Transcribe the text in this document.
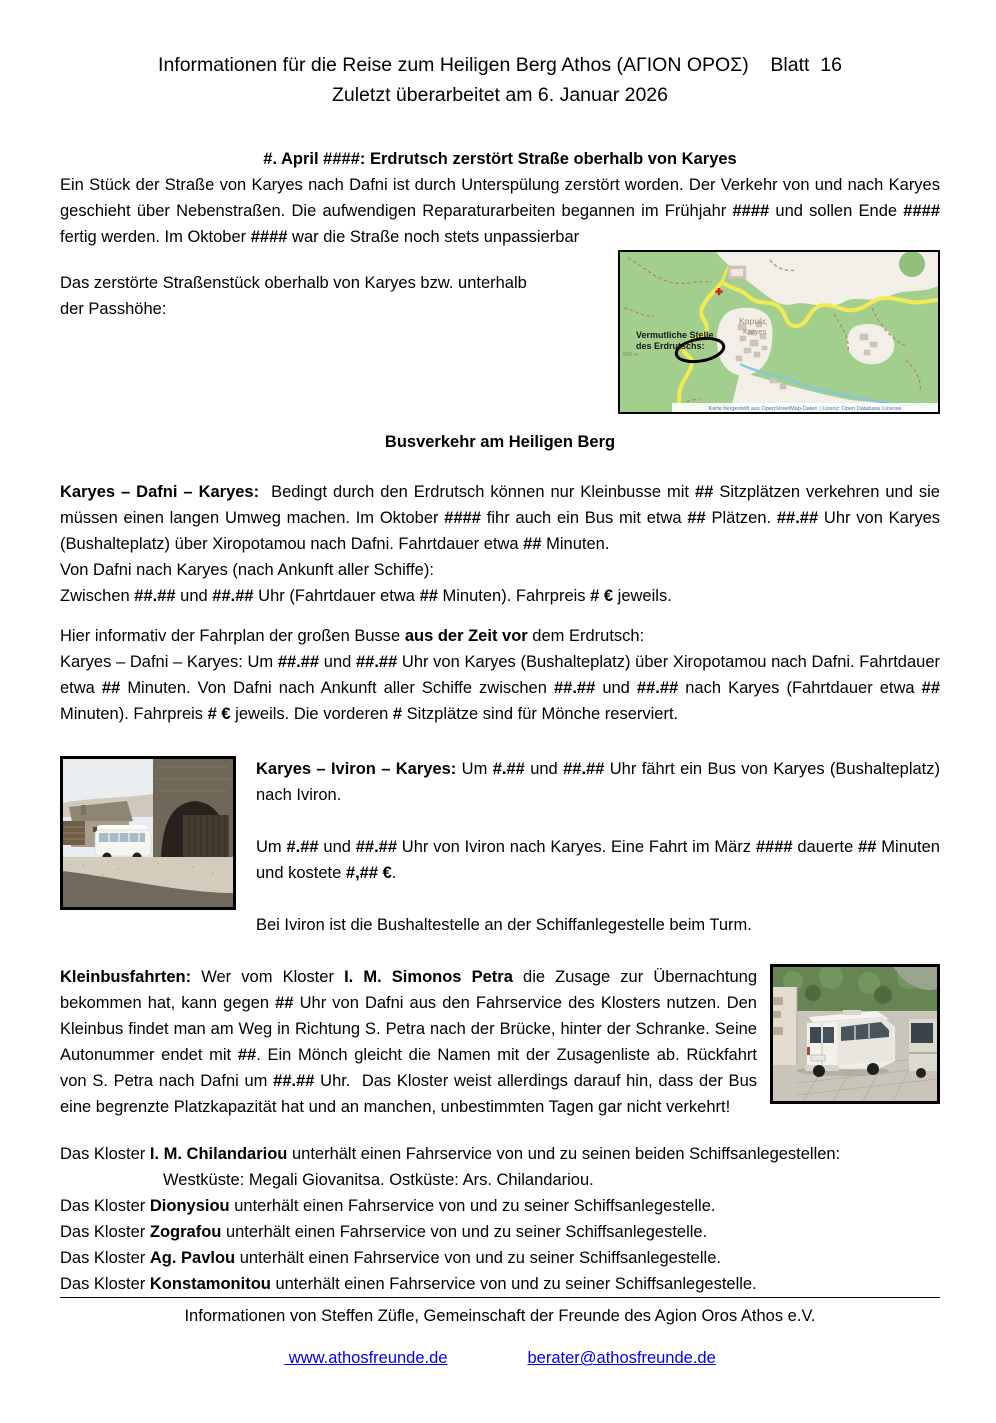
Informationen für die Reise zum Heiligen Berg Athos (ΑΓΙΟΝ ΟΡΟΣ)    Blatt  16
Zuletzt überarbeitet am 6. Januar 2026
#. April ####: Erdrutsch zerstört Straße oberhalb von Karyes
Ein Stück der Straße von Karyes nach Dafni ist durch Unterspülung zerstört worden. Der Verkehr von und nach Karyes geschieht über Nebenstraßen. Die aufwendigen Reparaturarbeiten begannen im Frühjahr #### und sollen Ende #### fertig werden. Im Oktober #### war die Straße noch stets unpassierbar
Das zerstörte Straßenstück oberhalb von Karyes bzw. unterhalb der Passhöhe:
Vermutliche Stelle
des Erdrutschs:
Καρυές
Karyes
668 m
Karte hergestellt aus OpenStreetMap-Daten | Lizenz: Open Database License
Busverkehr am Heiligen Berg
Karyes – Dafni – Karyes:  Bedingt durch den Erdrutsch können nur Kleinbusse mit ## Sitzplätzen verkehren und sie müssen einen langen Umweg machen. Im Oktober #### fihr auch ein Bus mit etwa ## Plätzen. ##.## Uhr von Karyes (Bushalteplatz) über Xiropotamou nach Dafni. Fahrtdauer etwa ## Minuten.
Von Dafni nach Karyes (nach Ankunft aller Schiffe):
Zwischen ##.## und ##.## Uhr (Fahrtdauer etwa ## Minuten). Fahrpreis # € jeweils.
Hier informativ der Fahrplan der großen Busse aus der Zeit vor dem Erdrutsch:
Karyes – Dafni – Karyes: Um ##.## und ##.## Uhr von Karyes (Bushalteplatz) über Xiropotamou nach Dafni. Fahrtdauer etwa ## Minuten. Von Dafni nach Ankunft aller Schiffe zwischen ##.## und ##.## nach Karyes (Fahrtdauer etwa ## Minuten). Fahrpreis # € jeweils. Die vorderen # Sitzplätze sind für Mönche reserviert.
Karyes – Iviron – Karyes: Um #.## und ##.## Uhr fährt ein Bus von Karyes (Bushalteplatz) nach Iviron.
Um #.## und ##.## Uhr von Iviron nach Karyes. Eine Fahrt im März #### dauerte ## Minuten und kostete #,## €.
Bei Iviron ist die Bushaltestelle an der Schiffanlegestelle beim Turm.
Kleinbusfahrten: Wer vom Kloster I. M. Simonos Petra die Zusage zur Übernachtung bekommen hat, kann gegen ## Uhr von Dafni aus den Fahrservice des Klosters nutzen. Den Kleinbus findet man am Weg in Richtung S. Petra nach der Brücke, hinter der Schranke. Seine Autonummer endet mit ##. Ein Mönch gleicht die Namen mit der Zusagenliste ab. Rückfahrt von S. Petra nach Dafni um ##.## Uhr.  Das Kloster weist allerdings darauf hin, dass der Bus eine begrenzte Platzkapazität hat und an manchen, unbestimmten Tagen gar nicht verkehrt!
Das Kloster I. M. Chilandariou unterhält einen Fahrservice von und zu seinen beiden Schiffsanlegestellen:
Westküste: Megali Giovanitsa. Ostküste: Ars. Chilandariou.
Das Kloster Dionysiou unterhält einen Fahrservice von und zu seiner Schiffsanlegestelle.
Das Kloster Zografou unterhält einen Fahrservice von und zu seiner Schiffsanlegestelle.
Das Kloster Ag. Pavlou unterhält einen Fahrservice von und zu seiner Schiffsanlegestelle.
Das Kloster Konstamonitou unterhält einen Fahrservice von und zu seiner Schiffsanlegestelle.
Informationen von Steffen Züfle, Gemeinschaft der Freunde des Agion Oros Athos e.V.
www.athosfreunde.de	berater@athosfreunde.de
